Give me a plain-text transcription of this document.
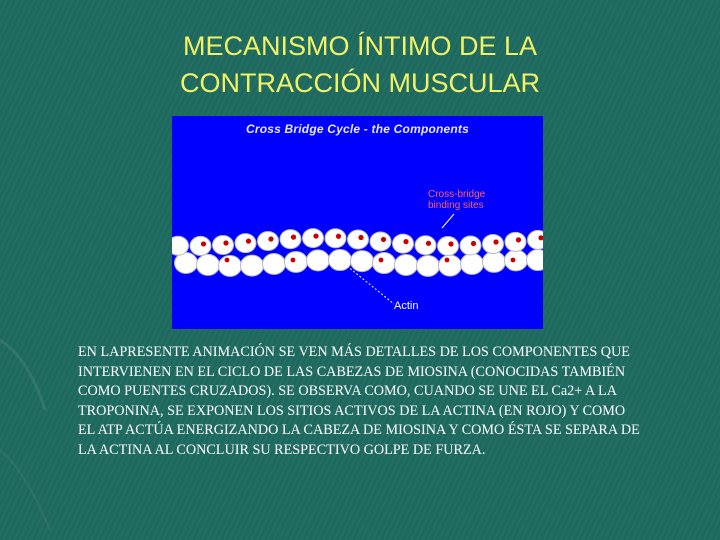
MECANISMO ÍNTIMO DE LA
CONTRACCIÓN MUSCULAR
Cross Bridge Cycle - the Components
Cross-bridge binding sites
Actin

EN LAPRESENTE ANIMACIÓN SE VEN MÁS DETALLES DE LOS COMPONENTES QUE INTERVIENEN EN EL CICLO DE LAS CABEZAS DE MIOSINA (CONOCIDAS TAMBIÉN COMO PUENTES CRUZADOS). SE OBSERVA COMO, CUANDO SE UNE EL Ca2+ A LA TROPONINA, SE EXPONEN LOS SITIOS ACTIVOS DE LA ACTINA (EN ROJO) Y COMO EL ATP ACTÚA ENERGIZANDO LA CABEZA DE MIOSINA Y COMO ÉSTA SE SEPARA DE LA ACTINA AL CONCLUIR SU RESPECTIVO GOLPE DE FURZA.
